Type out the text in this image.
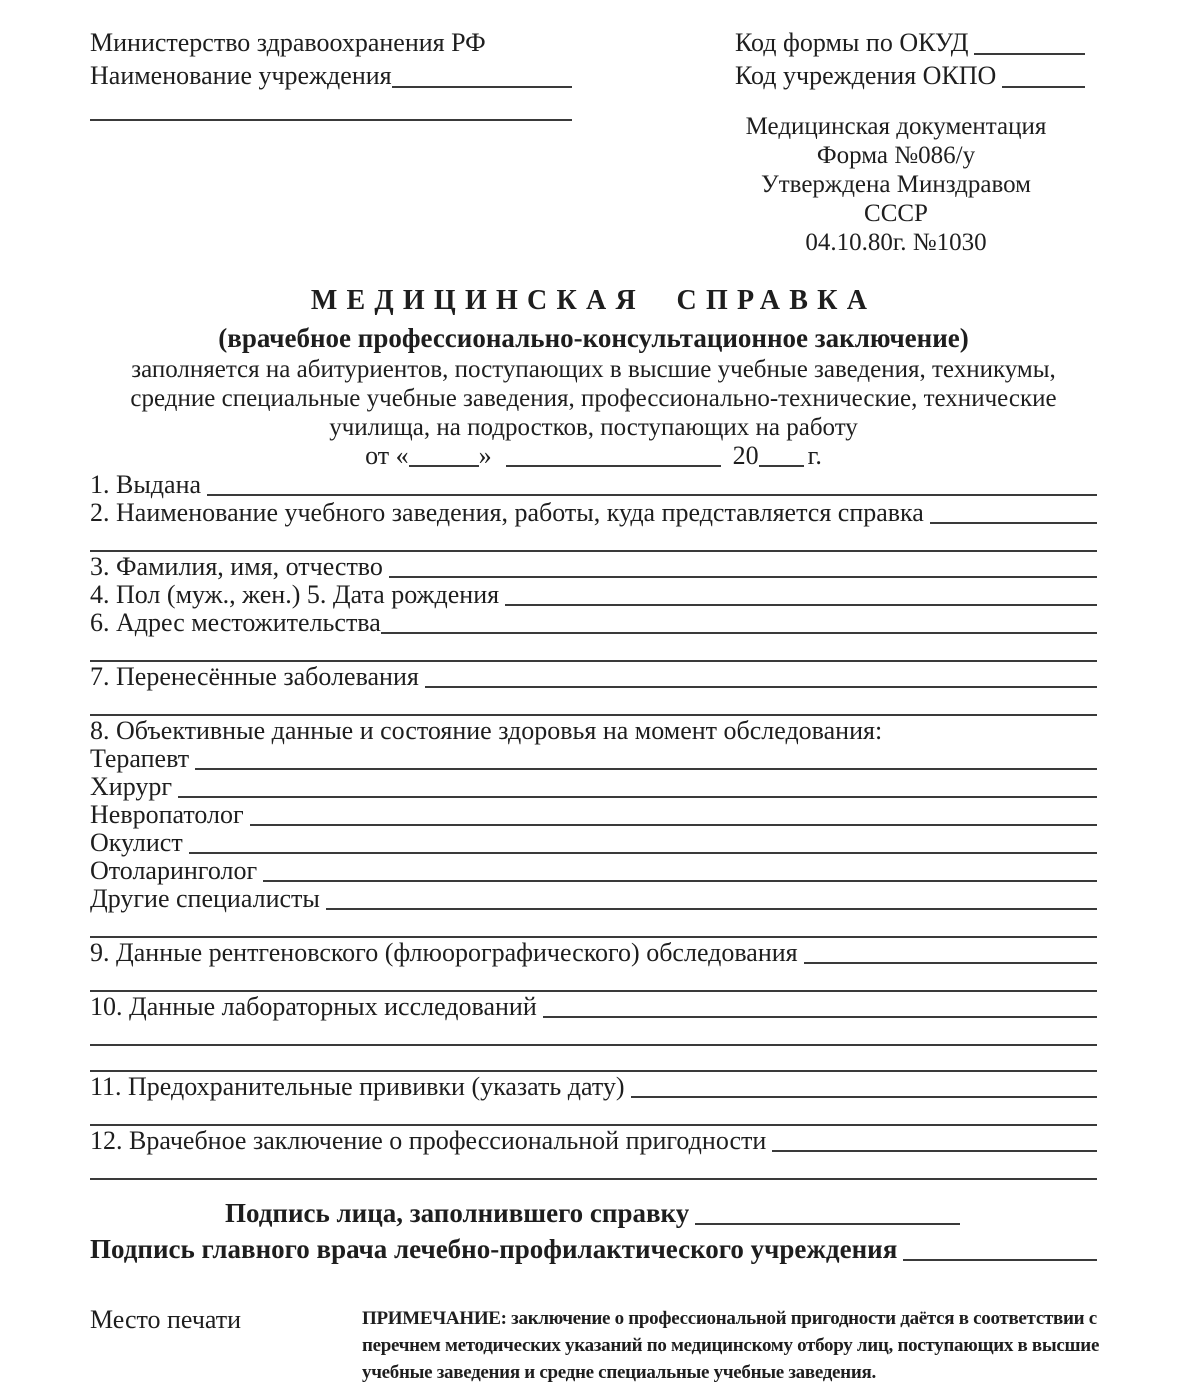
Министерство здравоохранения РФ
Наименование учреждения
Код формы по ОКУД
Код учреждения ОКПО
Медицинская документация
Форма №086/у
Утверждена Минздравом СССР
04.10.80г. №1030
МЕДИЦИНСКАЯ СПРАВКА
(врачебное профессионально-консультационное заключение)
заполняется на абитуриентов, поступающих в высшие учебные заведения, техникумы,
средние специальные учебные заведения, профессионально-технические, технические
училища, на подростков, поступающих на работу
от «	»	20 г.
1. Выдана
2. Наименование учебного заведения, работы, куда представляется справка
3. Фамилия, имя, отчество
4. Пол (муж., жен.) 5. Дата рождения
6. Адрес местожительства
7. Перенесённые заболевания
8. Объективные данные и состояние здоровья на момент обследования:
Терапевт
Хирург
Невропатолог
Окулист
Отоларинголог
Другие специалисты
9. Данные рентгеновского (флюорографического) обследования
10. Данные лабораторных исследований
11. Предохранительные прививки (указать дату)
12. Врачебное заключение о профессиональной пригодности
Подпись лица, заполнившего справку
Подпись главного врача лечебно-профилактического учреждения
Место печати	ПРИМЕЧАНИЕ: заключение о профессиональной пригодности даётся в соответствии с
перечнем методических указаний по медицинскому отбору лиц, поступающих в высшие
учебные заведения и средне специальные учебные заведения.
